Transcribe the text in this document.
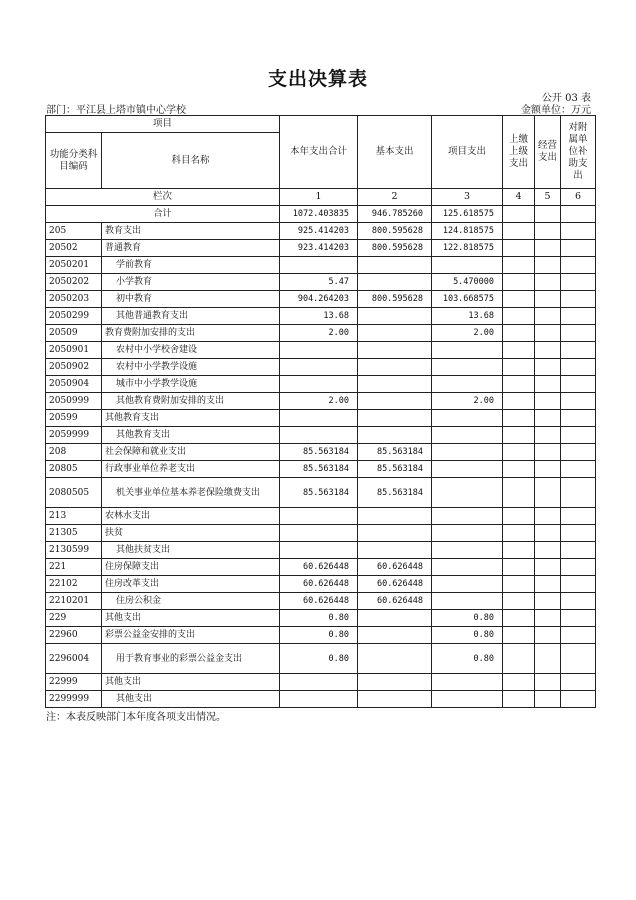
支出决算表
公开 03 表
部门：平江县上塔市镇中心学校	金额单位：万元
项目		本年支出合计	基本支出	项目支出	上缴上级支出	经营支出	对附属单位补助支出
功能分类科目编码	科目名称						
栏次		1	2	3	4	5	6
合计		1072.403835	946.785260	125.618575			
205	教育支出	925.414203	800.595628	124.818575			
20502	普通教育	923.414203	800.595628	122.818575			
2050201	学前教育						
2050202	小学教育	5.47		5.470000			
2050203	初中教育	904.264203	800.595628	103.668575			
2050299	其他普通教育支出	13.68		13.68			
20509	教育费附加安排的支出	2.00		2.00			
2050901	农村中小学校舍建设						
2050902	农村中小学教学设施						
2050904	城市中小学教学设施						
2050999	其他教育费附加安排的支出	2.00		2.00			
20599	其他教育支出						
2059999	其他教育支出						
208	社会保障和就业支出	85.563184	85.563184				
20805	行政事业单位养老支出	85.563184	85.563184				
2080505	机关事业单位基本养老保险缴费支出	85.563184	85.563184				
213	农林水支出						
21305	扶贫						
2130599	其他扶贫支出						
221	住房保障支出	60.626448	60.626448				
22102	住房改革支出	60.626448	60.626448				
2210201	住房公积金	60.626448	60.626448				
229	其他支出	0.80		0.80			
22960	彩票公益金安排的支出	0.80		0.80			
2296004	用于教育事业的彩票公益金支出	0.80		0.80			
22999	其他支出						
2299999	其他支出						
注：本表反映部门本年度各项支出情况。
